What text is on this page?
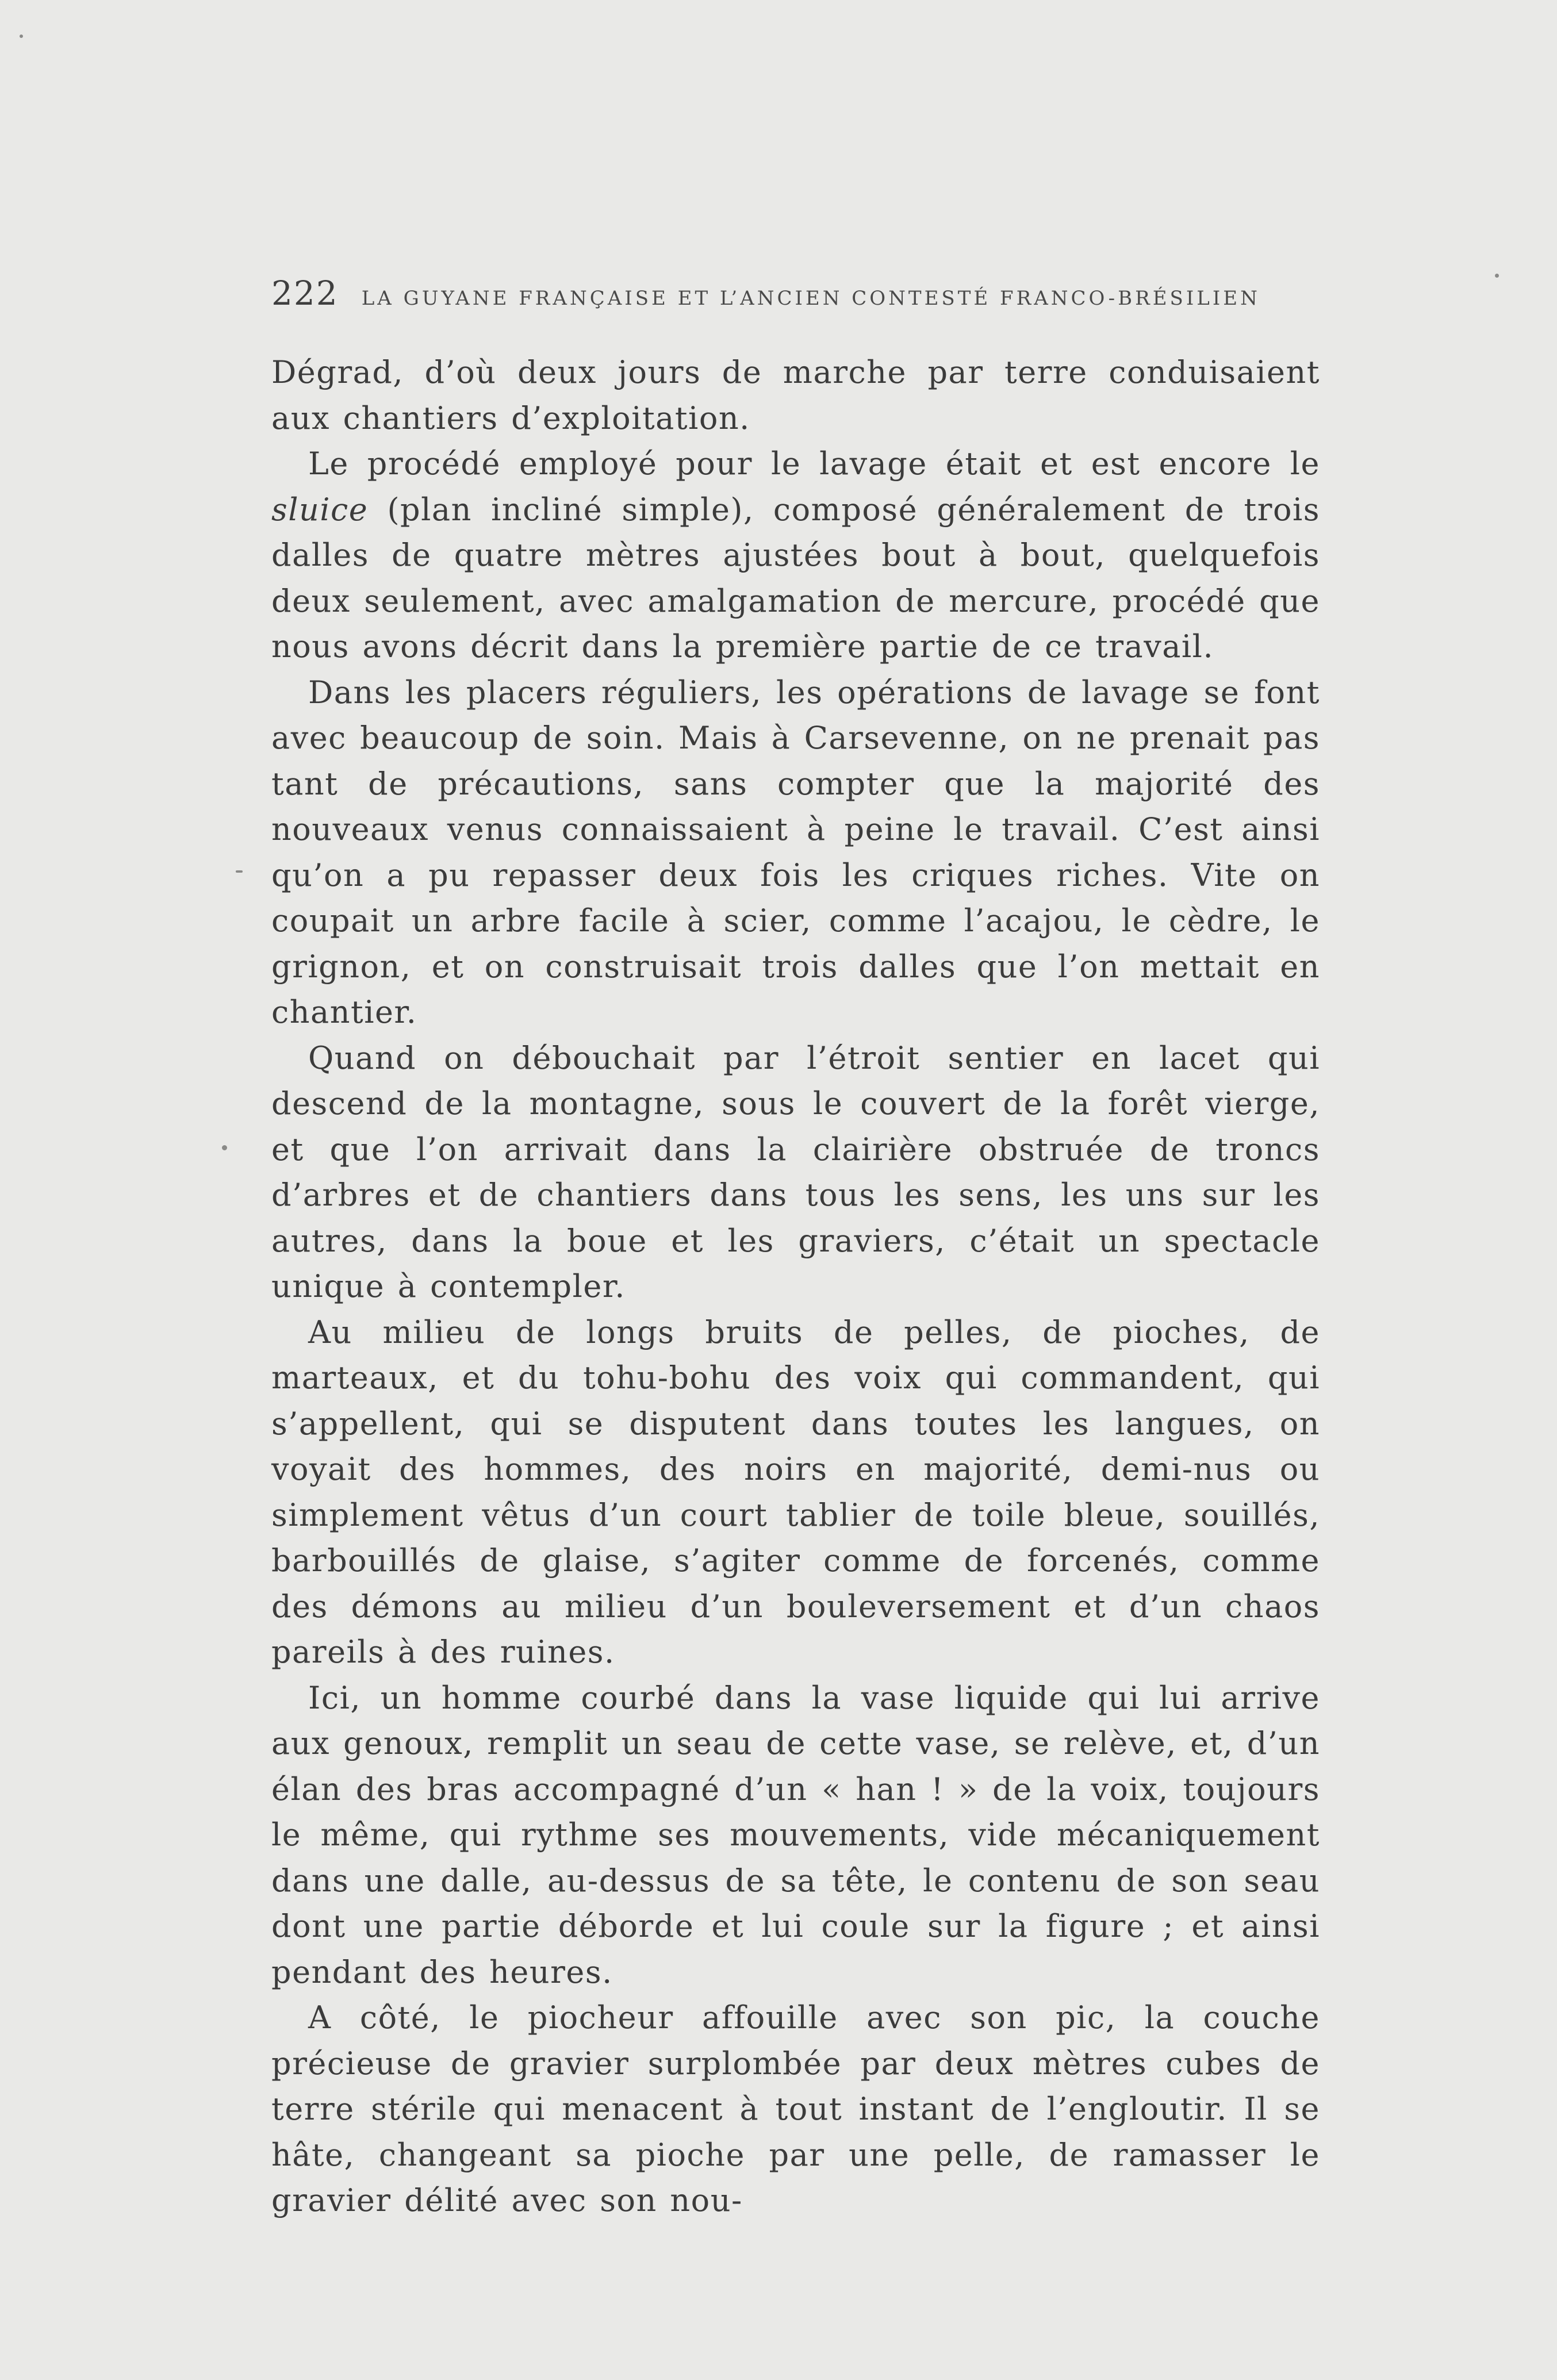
222 LA GUYANE FRANÇAISE ET L’ANCIEN CONTESTÉ FRANCO-BRÉSILIEN

Dégrad, d’où deux jours de marche par terre conduisaient aux chantiers d’exploitation.

Le procédé employé pour le lavage était et est encore le sluice (plan incliné simple), composé généralement de trois dalles de quatre mètres ajustées bout à bout, quelquefois deux seulement, avec amalgamation de mercure, procédé que nous avons décrit dans la première partie de ce travail.

Dans les placers réguliers, les opérations de lavage se font avec beaucoup de soin. Mais à Carsevenne, on ne prenait pas tant de précautions, sans compter que la majorité des nouveaux venus connaissaient à peine le travail. C’est ainsi qu’on a pu repasser deux fois les criques riches. Vite on coupait un arbre facile à scier, comme l’acajou, le cèdre, le grignon, et on construisait trois dalles que l’on mettait en chantier.

Quand on débouchait par l’étroit sentier en lacet qui descend de la montagne, sous le couvert de la forêt vierge, et que l’on arrivait dans la clairière obstruée de troncs d’arbres et de chantiers dans tous les sens, les uns sur les autres, dans la boue et les graviers, c’était un spectacle unique à contempler.

Au milieu de longs bruits de pelles, de pioches, de marteaux, et du tohu-bohu des voix qui commandent, qui s’appellent, qui se disputent dans toutes les langues, on voyait des hommes, des noirs en majorité, demi-nus ou simplement vêtus d’un court tablier de toile bleue, souillés, barbouillés de glaise, s’agiter comme de forcenés, comme des démons au milieu d’un bouleversement et d’un chaos pareils à des ruines.

Ici, un homme courbé dans la vase liquide qui lui arrive aux genoux, remplit un seau de cette vase, se relève, et, d’un élan des bras accompagné d’un « han ! » de la voix, toujours le même, qui rythme ses mouvements, vide mécaniquement dans une dalle, au-dessus de sa tête, le contenu de son seau dont une partie déborde et lui coule sur la figure ; et ainsi pendant des heures.

A côté, le piocheur affouille avec son pic, la couche précieuse de gravier surplombée par deux mètres cubes de terre stérile qui menacent à tout instant de l’engloutir. Il se hâte, changeant sa pioche par une pelle, de ramasser le gravier délité avec son nou-
